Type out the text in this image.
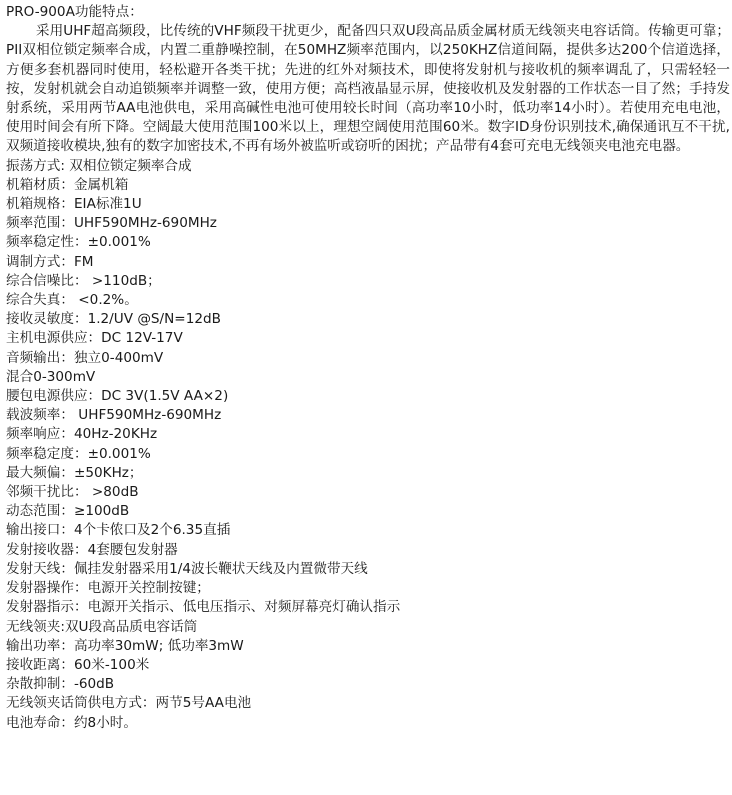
PRO-900A功能特点：

采用UHF超高频段，比传统的VHF频段干扰更少，配备四只双U段高品质金属材质无线领夹电容话筒。传输更可靠；PII双相位锁定频率合成，内置二重静噪控制，在50MHZ频率范围内，以250KHZ信道间隔，提供多达200个信道选择，方便多套机器同时使用，轻松避开各类干扰；先进的红外对频技术，即使将发射机与接收机的频率调乱了，只需轻轻一按，发射机就会自动追锁频率并调整一致，使用方便；高档液晶显示屏，使接收机及发射器的工作状态一目了然；手持发射系统，采用两节AA电池供电，采用高碱性电池可使用较长时间（高功率10小时，低功率14小时）。若使用充电电池，使用时间会有所下降。空阔最大使用范围100米以上，理想空阔使用范围60米。数字ID身份识别技术,确保通讯互不干扰,双频道接收模块,独有的数字加密技术,不再有场外被监听或窃听的困扰；产品带有4套可充电无线领夹电池充电器。

振荡方式: 双相位锁定频率合成
机箱材质：金属机箱
机箱规格：EIA标准1U
频率范围：UHF590MHz-690MHz
频率稳定性：±0.001%
调制方式：FM
综合信噪比： >110dB；
综合失真： <0.2%。
接收灵敏度：1.2/UV @S/N=12dB
主机电源供应：DC 12V-17V
音频输出：独立0-400mV
混合0-300mV
腰包电源供应：DC 3V(1.5V AA×2)
载波频率： UHF590MHz-690MHz
频率响应：40Hz-20KHz
频率稳定度：±0.001%
最大频偏：±50KHz；
邻频干扰比： >80dB
动态范围：≥100dB
输出接口：4个卡侬口及2个6.35直插
发射接收器：4套腰包发射器
发射天线：佩挂发射器采用1/4波长鞭状天线及内置微带天线
发射器操作：电源开关控制按键；
发射器指示：电源开关指示、低电压指示、对频屏幕亮灯确认指示
无线领夹:双U段高品质电容话筒
输出功率：高功率30mW; 低功率3mW
接收距离：60米-100米
杂散抑制：-60dB
无线领夹话筒供电方式：两节5号AA电池
电池寿命：约8小时。
